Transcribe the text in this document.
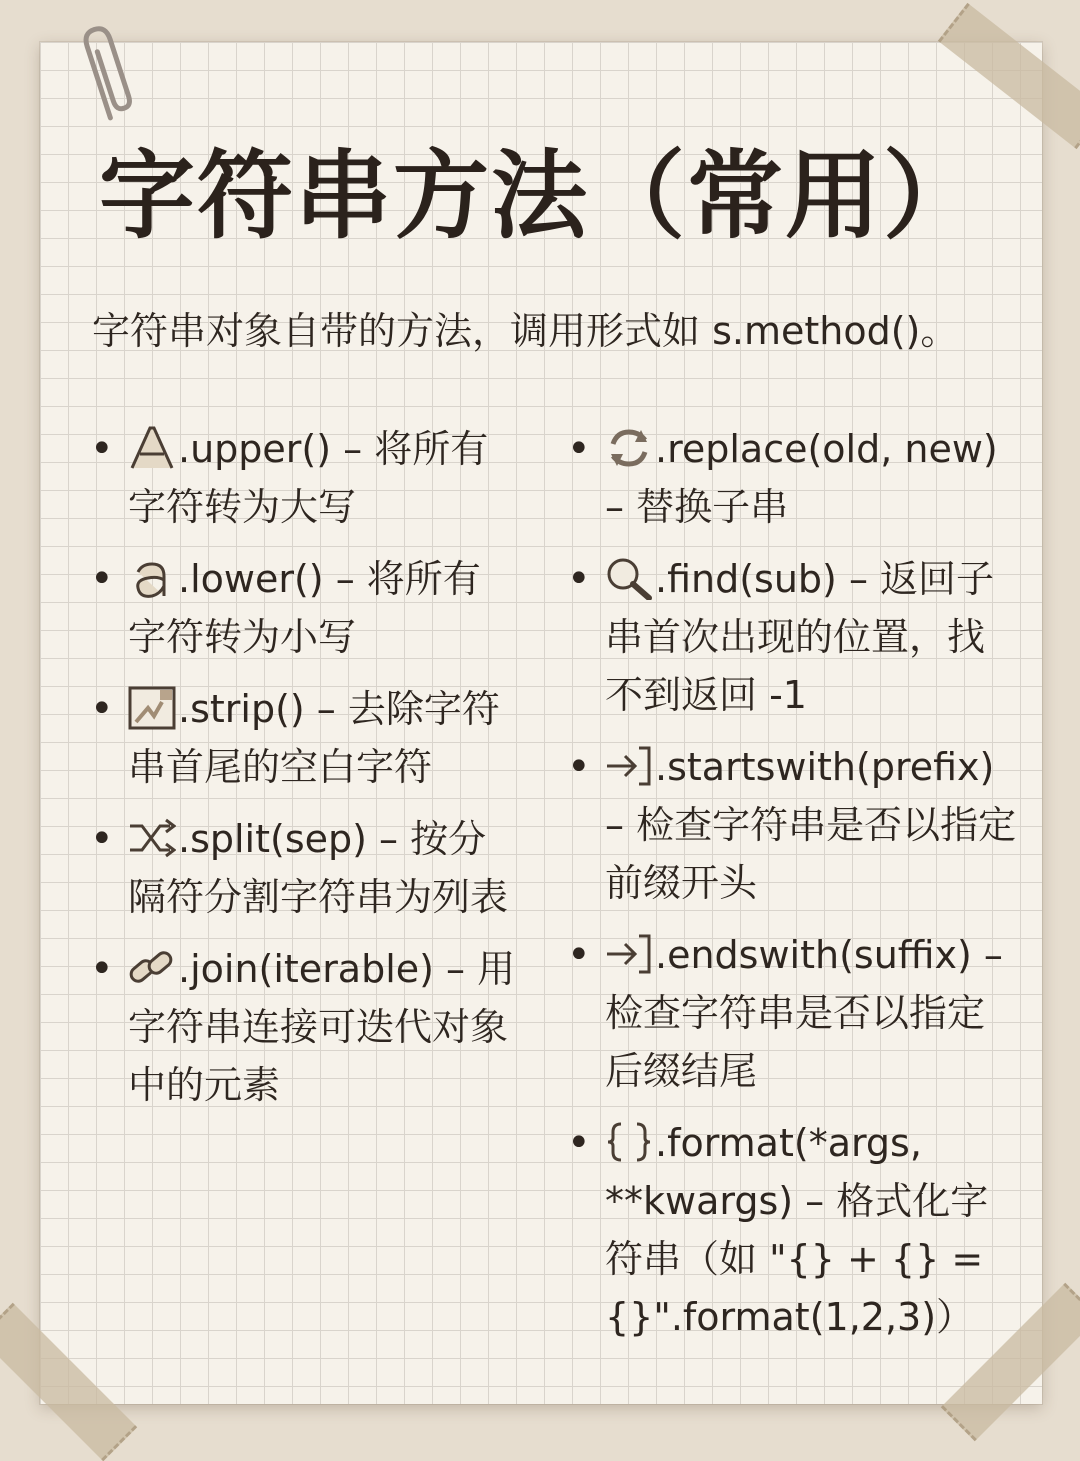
字符串方法（常用）

字符串对象自带的方法，调用形式如 s.method()。

• .upper() – 将所有字符转为大写
• .lower() – 将所有字符转为小写
• .strip() – 去除字符串首尾的空白字符
• .split(sep) – 按分隔符分割字符串为列表
• .join(iterable) – 用字符串连接可迭代对象中的元素
• .replace(old, new) – 替换子串
• .find(sub) – 返回子串首次出现的位置，找不到返回 -1
• .startswith(prefix) – 检查字符串是否以指定前缀开头
• .endswith(suffix) – 检查字符串是否以指定后缀结尾
• .format(*args, **kwargs) – 格式化字符串（如 "{} + {} = {}".format(1,2,3)）
